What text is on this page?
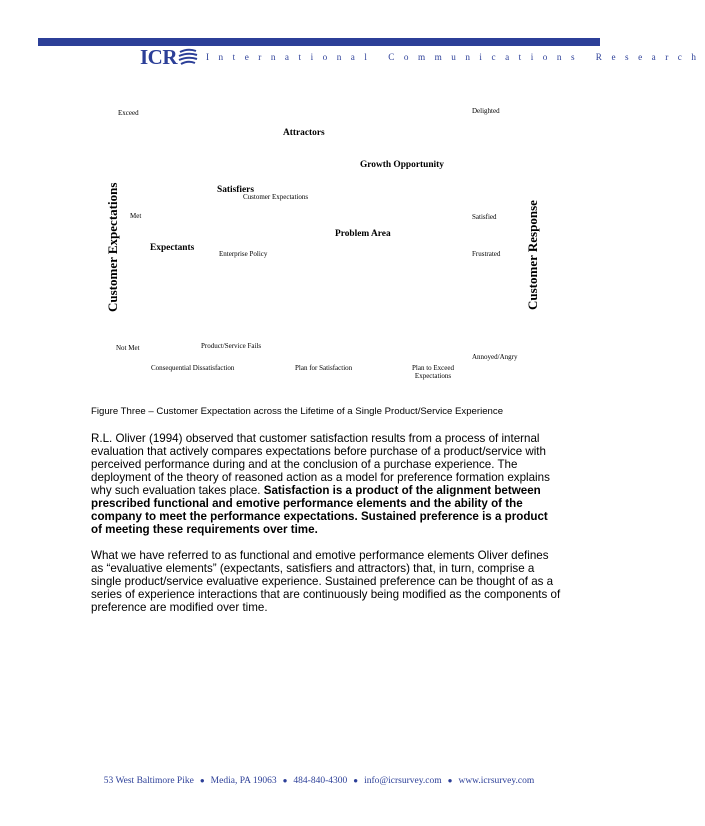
ICR	International Communications Research
Customer Expectations	Customer Response
Exceed
Met
Not Met
Delighted
Satisfied
Frustrated
Annoyed/Angry
Attractors
Growth Opportunity
Satisfiers
Problem Area
Expectants
Customer Expectations
Enterprise Policy
Product/Service Fails
Consequential Dissatisfaction	Plan for Satisfaction	Plan to Exceed
Expectations
Figure Three – Customer Expectation across the Lifetime of a Single Product/Service Experience
R.L. Oliver (1994) observed that customer satisfaction results from a process of internal evaluation that actively compares expectations before purchase of a product/service with perceived performance during and at the conclusion of a purchase experience. The deployment of the theory of reasoned action as a model for preference formation explains why such evaluation takes place. Satisfaction is a product of the alignment between prescribed functional and emotive performance elements and the ability of the company to meet the performance expectations. Sustained preference is a product of meeting these requirements over time.
What we have referred to as functional and emotive performance elements Oliver defines as “evaluative elements” (expectants, satisfiers and attractors) that, in turn, comprise a single product/service evaluative experience. Sustained preference can be thought of as a series of experience interactions that are continuously being modified as the components of preference are modified over time.
53 West Baltimore Pike ● Media, PA 19063 ● 484-840-4300 ● info@icrsurvey.com ● www.icrsurvey.com
